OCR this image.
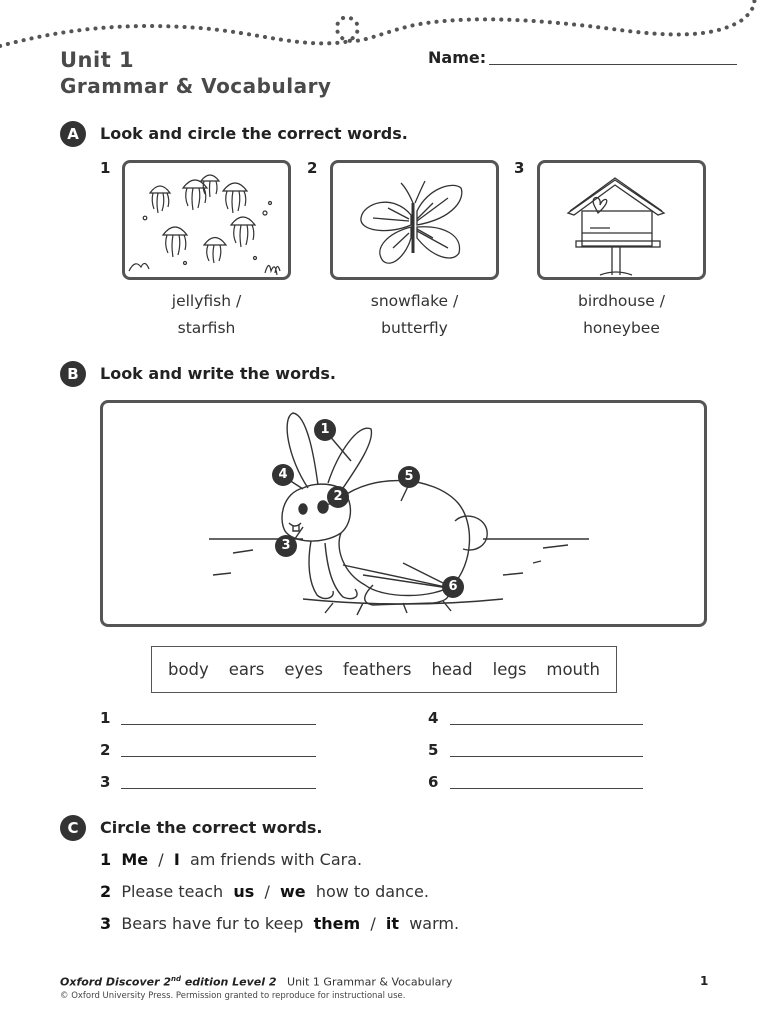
Unit 1
Grammar & Vocabulary
Name:
A	Look and circle the correct words.
1	2	3
jellyfish /
starfish
snowflake /
butterfly
birdhouse /
honeybee
B	Look and write the words.
1
2
3
4	5
6
body ears eyes feathers head legs mouth
1
2
3
4
5
6
C	Circle the correct words.
1 Me / I am friends with Cara.
2 Please teach us / we how to dance.
3 Bears have fur to keep them / it warm.
Oxford Discover 2nd edition Level 2 Unit 1 Grammar & Vocabulary
© Oxford University Press. Permission granted to reproduce for instructional use.
1
